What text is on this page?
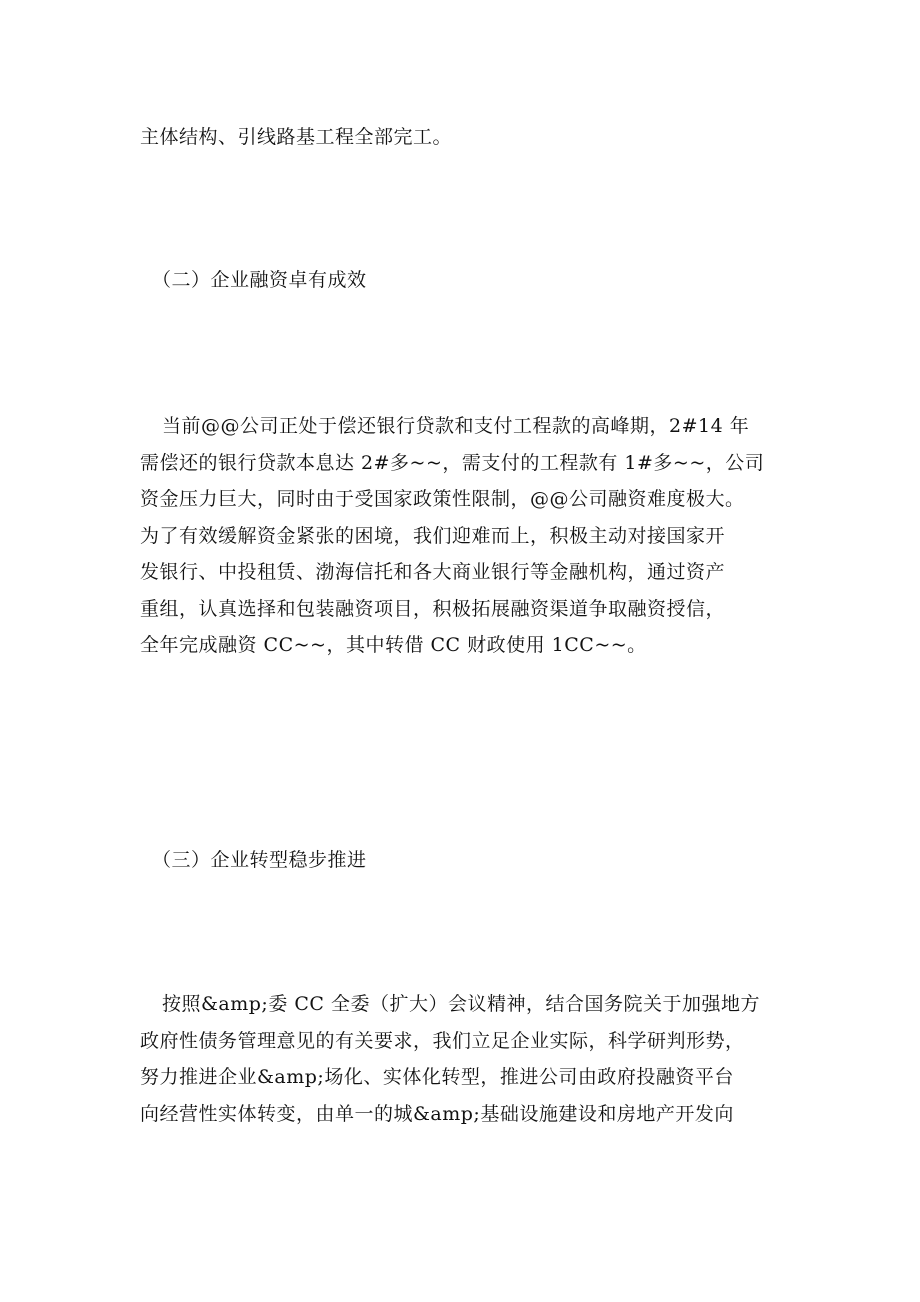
主体结构、引线路基工程全部完工。
（二）企业融资卓有成效
当前@@公司正处于偿还银行贷款和支付工程款的高峰期，2#14 年
需偿还的银行贷款本息达 2#多~~，需支付的工程款有 1#多~~，公司
资金压力巨大，同时由于受国家政策性限制，@@公司融资难度极大。
为了有效缓解资金紧张的困境，我们迎难而上，积极主动对接国家开
发银行、中投租赁、渤海信托和各大商业银行等金融机构，通过资产
重组，认真选择和包装融资项目，积极拓展融资渠道争取融资授信，
全年完成融资 CC~~，其中转借 CC 财政使用 1CC~~。
（三）企业转型稳步推进
按照&amp;委 CC 全委（扩大）会议精神，结合国务院关于加强地方
政府性债务管理意见的有关要求，我们立足企业实际，科学研判形势，
努力推进企业&amp;场化、实体化转型，推进公司由政府投融资平台
向经营性实体转变，由单一的城&amp;基础设施建设和房地产开发向
